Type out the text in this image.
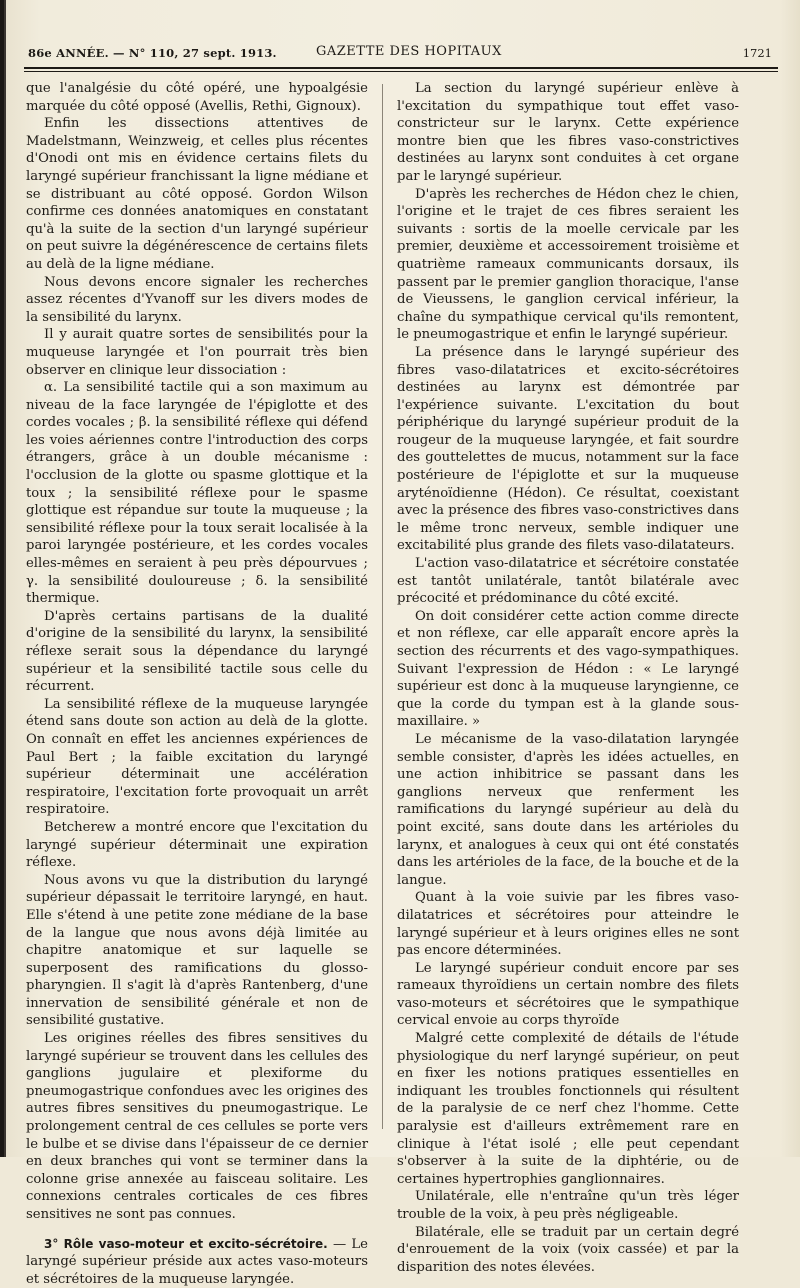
86e ANNÉE. — N° 110, 27 sept. 1913.	GAZETTE DES HOPITAUX	1721

que l'analgésie du côté opéré, une hypoalgésie marquée du côté opposé (Avellis, Rethi, Gignoux).

Enfin les dissections attentives de Madelstmann, Weinzweig, et celles plus récentes d'Onodi ont mis en évidence certains filets du laryngé supérieur franchissant la ligne médiane et se distribuant au côté opposé. Gordon Wilson confirme ces données anatomiques en constatant qu'à la suite de la section d'un laryngé supérieur on peut suivre la dégénérescence de certains filets au delà de la ligne médiane.

Nous devons encore signaler les recherches assez récentes d'Yvanoff sur les divers modes de la sensibilité du larynx.

Il y aurait quatre sortes de sensibilités pour la muqueuse laryngée et l'on pourrait très bien observer en clinique leur dissociation :

α. La sensibilité tactile qui a son maximum au niveau de la face laryngée de l'épiglotte et des cordes vocales ; β. la sensibilité réflexe qui défend les voies aériennes contre l'introduction des corps étrangers, grâce à un double mécanisme : l'occlusion de la glotte ou spasme glottique et la toux ; la sensibilité réflexe pour le spasme glottique est répandue sur toute la muqueuse ; la sensibilité réflexe pour la toux serait localisée à la paroi laryngée postérieure, et les cordes vocales elles-mêmes en seraient à peu près dépourvues ; γ. la sensibilité douloureuse ; δ. la sensibilité thermique.

D'après certains partisans de la dualité d'origine de la sensibilité du larynx, la sensibilité réflexe serait sous la dépendance du laryngé supérieur et la sensibilité tactile sous celle du récurrent.

La sensibilité réflexe de la muqueuse laryngée étend sans doute son action au delà de la glotte. On connaît en effet les anciennes expériences de Paul Bert ; la faible excitation du laryngé supérieur déterminait une accélération respiratoire, l'excitation forte provoquait un arrêt respiratoire.

Betcherew a montré encore que l'excitation du laryngé supérieur déterminait une expiration réflexe.

Nous avons vu que la distribution du laryngé supérieur dépassait le territoire laryngé, en haut. Elle s'étend à une petite zone médiane de la base de la langue que nous avons déjà limitée au chapitre anatomique et sur laquelle se superposent des ramifications du glosso-pharyngien. Il s'agit là d'après Rantenberg, d'une innervation de sensibilité générale et non de sensibilité gustative.

Les origines réelles des fibres sensitives du laryngé supérieur se trouvent dans les cellules des ganglions jugulaire et plexiforme du pneumogastrique confondues avec les origines des autres fibres sensitives du pneumogastrique. Le prolongement central de ces cellules se porte vers le bulbe et se divise dans l'épaisseur de ce dernier en deux branches qui vont se terminer dans la colonne grise annexée au faisceau solitaire. Les connexions centrales corticales de ces fibres sensitives ne sont pas connues.

3° Rôle vaso-moteur et excito-sécrétoire. — Le laryngé supérieur préside aux actes vaso-moteurs et sécrétoires de la muqueuse laryngée.

La section du laryngé supérieur enlève à l'excitation du sympathique tout effet vaso-constricteur sur le larynx. Cette expérience montre bien que les fibres vaso-constrictives destinées au larynx sont conduites à cet organe par le laryngé supérieur.

D'après les recherches de Hédon chez le chien, l'origine et le trajet de ces fibres seraient les suivants : sortis de la moelle cervicale par les premier, deuxième et accessoirement troisième et quatrième rameaux communicants dorsaux, ils passent par le premier ganglion thoracique, l'anse de Vieussens, le ganglion cervical inférieur, la chaîne du sympathique cervical qu'ils remontent, le pneumogastrique et enfin le laryngé supérieur.

La présence dans le laryngé supérieur des fibres vaso-dilatatrices et excito-sécrétoires destinées au larynx est démontrée par l'expérience suivante. L'excitation du bout périphérique du laryngé supérieur produit de la rougeur de la muqueuse laryngée, et fait sourdre des gouttelettes de mucus, notamment sur la face postérieure de l'épiglotte et sur la muqueuse aryténoïdienne (Hédon). Ce résultat, coexistant avec la présence des fibres vaso-constrictives dans le même tronc nerveux, semble indiquer une excitabilité plus grande des filets vaso-dilatateurs.

L'action vaso-dilatatrice et sécrétoire constatée est tantôt unilatérale, tantôt bilatérale avec précocité et prédominance du côté excité.

On doit considérer cette action comme directe et non réflexe, car elle apparaît encore après la section des récurrents et des vago-sympathiques. Suivant l'expression de Hédon : « Le laryngé supérieur est donc à la muqueuse laryngienne, ce que la corde du tympan est à la glande sous-maxillaire. »

Le mécanisme de la vaso-dilatation laryngée semble consister, d'après les idées actuelles, en une action inhibitrice se passant dans les ganglions nerveux que renferment les ramifications du laryngé supérieur au delà du point excité, sans doute dans les artérioles du larynx, et analogues à ceux qui ont été constatés dans les artérioles de la face, de la bouche et de la langue.

Quant à la voie suivie par les fibres vaso-dilatatrices et sécrétoires pour atteindre le laryngé supérieur et à leurs origines elles ne sont pas encore déterminées.

Le laryngé supérieur conduit encore par ses rameaux thyroïdiens un certain nombre des filets vaso-moteurs et sécrétoires que le sympathique cervical envoie au corps thyroïde

Malgré cette complexité de détails de l'étude physiologique du nerf laryngé supérieur, on peut en fixer les notions pratiques essentielles en indiquant les troubles fonctionnels qui résultent de la paralysie de ce nerf chez l'homme. Cette paralysie est d'ailleurs extrêmement rare en clinique à l'état isolé ; elle peut cependant s'observer à la suite de la diphtérie, ou de certaines hypertrophies ganglionnaires.

Unilatérale, elle n'entraîne qu'un très léger trouble de la voix, à peu près négligeable.

Bilatérale, elle se traduit par un certain degré d'enrouement de la voix (voix cassée) et par la disparition des notes élevées.
